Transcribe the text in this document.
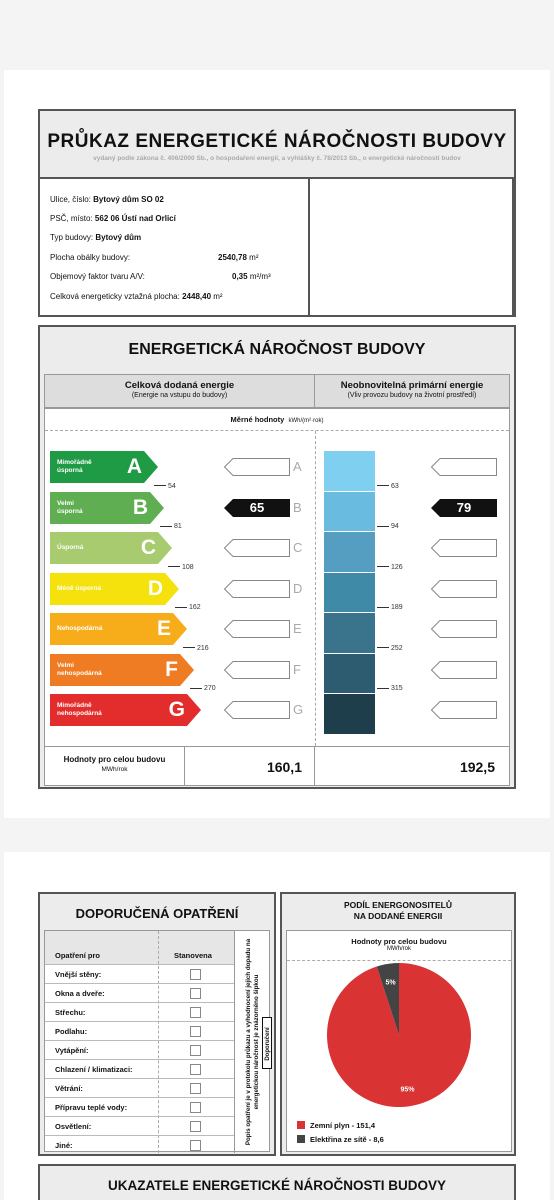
PRŮKAZ ENERGETICKÉ NÁROČNOSTI BUDOVY
vydaný podle zákona č. 406/2000 Sb., o hospodaření energií, a vyhlášky č. 78/2013 Sb., o energetické náročnosti budov
Ulice, číslo: Bytový dům SO 02
PSČ, místo: 562 06 Ústí nad Orlicí
Typ budovy: Bytový dům
Plocha obálky budovy:	2540,78 m²
Objemový faktor tvaru A/V:	0,35 m²/m³
Celková energeticky vztažná plocha: 2448,40 m²
ENERGETICKÁ NÁROČNOST BUDOVY
Celková dodaná energie
(Energie na vstupu do budovy)
Neobnovitelná primární energie
(Vliv provozu budovy na životní prostředí)
Měrné hodnoty kWh/(m²·rok)
Mimořádně
úsporná	A	A
Velmi
úsporná	B	65	B	79
Úsporná	C	C
Méně úsporná	D	D
Nehospodárná	E	E
Velmi
nehospodárná	F	F
Mimořádně
nehospodárná	G	G
54
81
108
162
216
270
63
94
126
189
252
315
Hodnoty pro celou budovu
MWh/rok	160,1	192,5
DOPORUČENÁ OPATŘENÍ
Opatření pro	Stanovena
Vnější stěny:
Okna a dveře:
Střechu:
Podlahu:
Vytápění:
Chlazení / klimatizaci:
Větrání:
Přípravu teplé vody:
Osvětlení:
Jiné:
Popis opatření je v protokolu průkazu a vyhodnocení jejich dopadu na energetickou náročnost je znázorněno šipkou Doporučení
PODÍL ENERGONOSITELŮ
NA DODANÉ ENERGII
Hodnoty pro celou budovu
MWh/rok
95%
5%
Zemní plyn - 151,4
Elektřina ze sítě - 8,6
UKAZATELE ENERGETICKÉ NÁROČNOSTI BUDOVY
